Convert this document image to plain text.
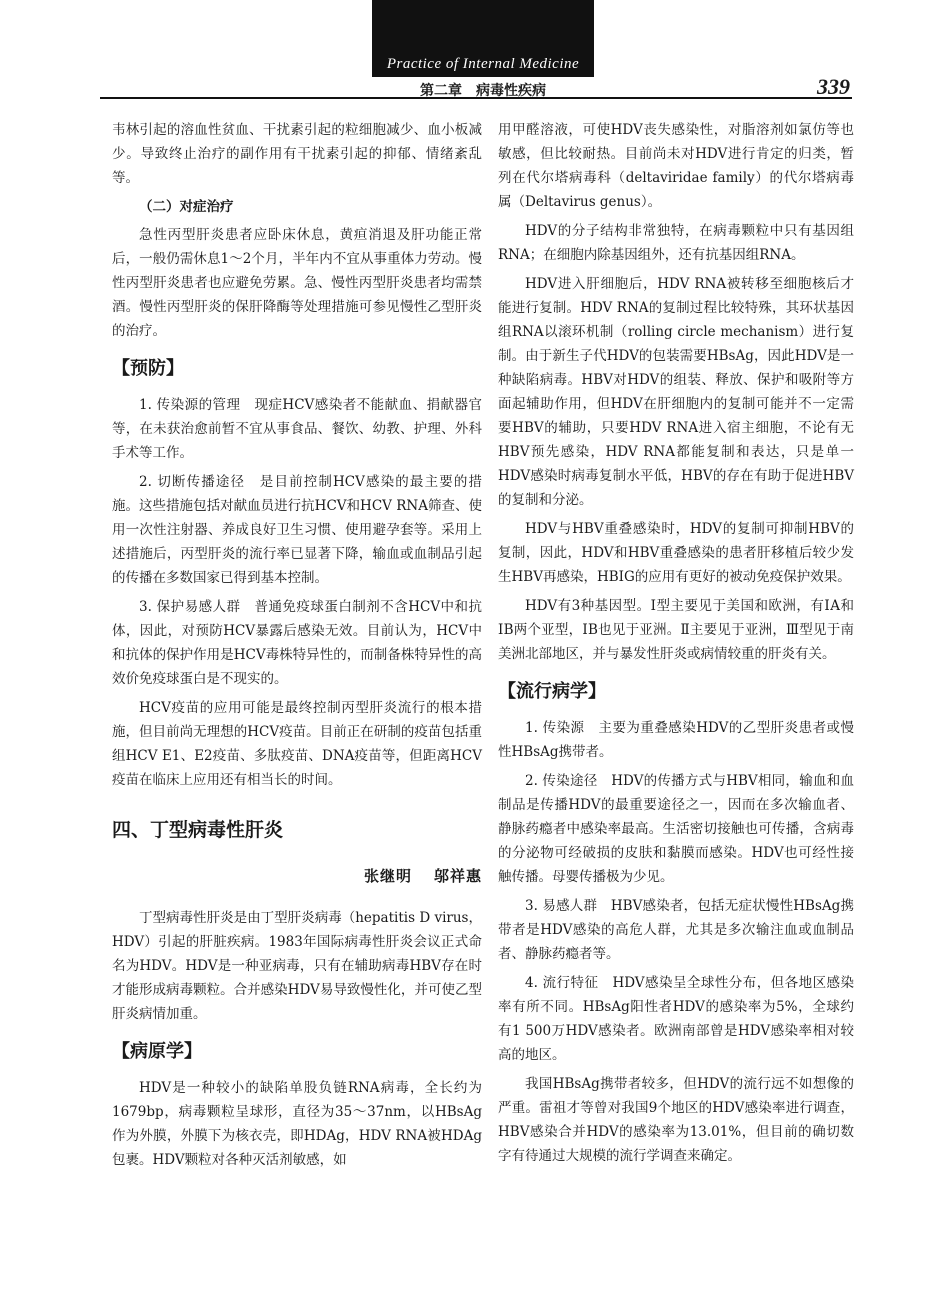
Practice of Internal Medicine
第二章　病毒性疾病	339

韦林引起的溶血性贫血、干扰素引起的粒细胞减少、血小板减少。导致终止治疗的副作用有干扰素引起的抑郁、情绪紊乱等。

（二）对症治疗

急性丙型肝炎患者应卧床休息，黄疸消退及肝功能正常后，一般仍需休息1～2个月，半年内不宜从事重体力劳动。慢性丙型肝炎患者也应避免劳累。急、慢性丙型肝炎患者均需禁酒。慢性丙型肝炎的保肝降酶等处理措施可参见慢性乙型肝炎的治疗。

【预防】

1. 传染源的管理　现症HCV感染者不能献血、捐献器官等，在未获治愈前暂不宜从事食品、餐饮、幼教、护理、外科手术等工作。

2. 切断传播途径　是目前控制HCV感染的最主要的措施。这些措施包括对献血员进行抗HCV和HCV RNA筛查、使用一次性注射器、养成良好卫生习惯、使用避孕套等。采用上述措施后，丙型肝炎的流行率已显著下降，输血或血制品引起的传播在多数国家已得到基本控制。

3. 保护易感人群　普通免疫球蛋白制剂不含HCV中和抗体，因此，对预防HCV暴露后感染无效。目前认为，HCV中和抗体的保护作用是HCV毒株特异性的，而制备株特异性的高效价免疫球蛋白是不现实的。

HCV疫苗的应用可能是最终控制丙型肝炎流行的根本措施，但目前尚无理想的HCV疫苗。目前正在研制的疫苗包括重组HCV E1、E2疫苗、多肽疫苗、DNA疫苗等，但距离HCV疫苗在临床上应用还有相当长的时间。

四、丁型病毒性肝炎
张继明 邬祥惠

丁型病毒性肝炎是由丁型肝炎病毒（hepatitis D virus，HDV）引起的肝脏疾病。1983年国际病毒性肝炎会议正式命名为HDV。HDV是一种亚病毒，只有在辅助病毒HBV存在时才能形成病毒颗粒。合并感染HDV易导致慢性化，并可使乙型肝炎病情加重。

【病原学】

HDV是一种较小的缺陷单股负链RNA病毒，全长约为1679bp，病毒颗粒呈球形，直径为35～37nm，以HBsAg作为外膜，外膜下为核衣壳，即HDAg，HDV RNA被HDAg包裹。HDV颗粒对各种灭活剂敏感，如

用甲醛溶液，可使HDV丧失感染性，对脂溶剂如氯仿等也敏感，但比较耐热。目前尚未对HDV进行肯定的归类，暂列在代尔塔病毒科（deltaviridae family）的代尔塔病毒属（Deltavirus genus）。

HDV的分子结构非常独特，在病毒颗粒中只有基因组RNA；在细胞内除基因组外，还有抗基因组RNA。

HDV进入肝细胞后，HDV RNA被转移至细胞核后才能进行复制。HDV RNA的复制过程比较特殊，其环状基因组RNA以滚环机制（rolling circle mechanism）进行复制。由于新生子代HDV的包装需要HBsAg，因此HDV是一种缺陷病毒。HBV对HDV的组装、释放、保护和吸附等方面起辅助作用，但HDV在肝细胞内的复制可能并不一定需要HBV的辅助，只要HDV RNA进入宿主细胞，不论有无HBV预先感染，HDV RNA都能复制和表达，只是单一HDV感染时病毒复制水平低，HBV的存在有助于促进HBV的复制和分泌。

HDV与HBV重叠感染时，HDV的复制可抑制HBV的复制，因此，HDV和HBV重叠感染的患者肝移植后较少发生HBV再感染，HBIG的应用有更好的被动免疫保护效果。

HDV有3种基因型。Ⅰ型主要见于美国和欧洲，有ⅠA和ⅠB两个亚型，ⅠB也见于亚洲。Ⅱ主要见于亚洲，Ⅲ型见于南美洲北部地区，并与暴发性肝炎或病情较重的肝炎有关。

【流行病学】

1. 传染源　主要为重叠感染HDV的乙型肝炎患者或慢性HBsAg携带者。

2. 传染途径　HDV的传播方式与HBV相同，输血和血制品是传播HDV的最重要途径之一，因而在多次输血者、静脉药瘾者中感染率最高。生活密切接触也可传播，含病毒的分泌物可经破损的皮肤和黏膜而感染。HDV也可经性接触传播。母婴传播极为少见。

3. 易感人群　HBV感染者，包括无症状慢性HBsAg携带者是HDV感染的高危人群，尤其是多次输注血或血制品者、静脉药瘾者等。

4. 流行特征　HDV感染呈全球性分布，但各地区感染率有所不同。HBsAg阳性者HDV的感染率为5%，全球约有1 500万HDV感染者。欧洲南部曾是HDV感染率相对较高的地区。

我国HBsAg携带者较多，但HDV的流行远不如想像的严重。雷祖才等曾对我国9个地区的HDV感染率进行调查，HBV感染合并HDV的感染率为13.01%，但目前的确切数字有待通过大规模的流行学调查来确定。
